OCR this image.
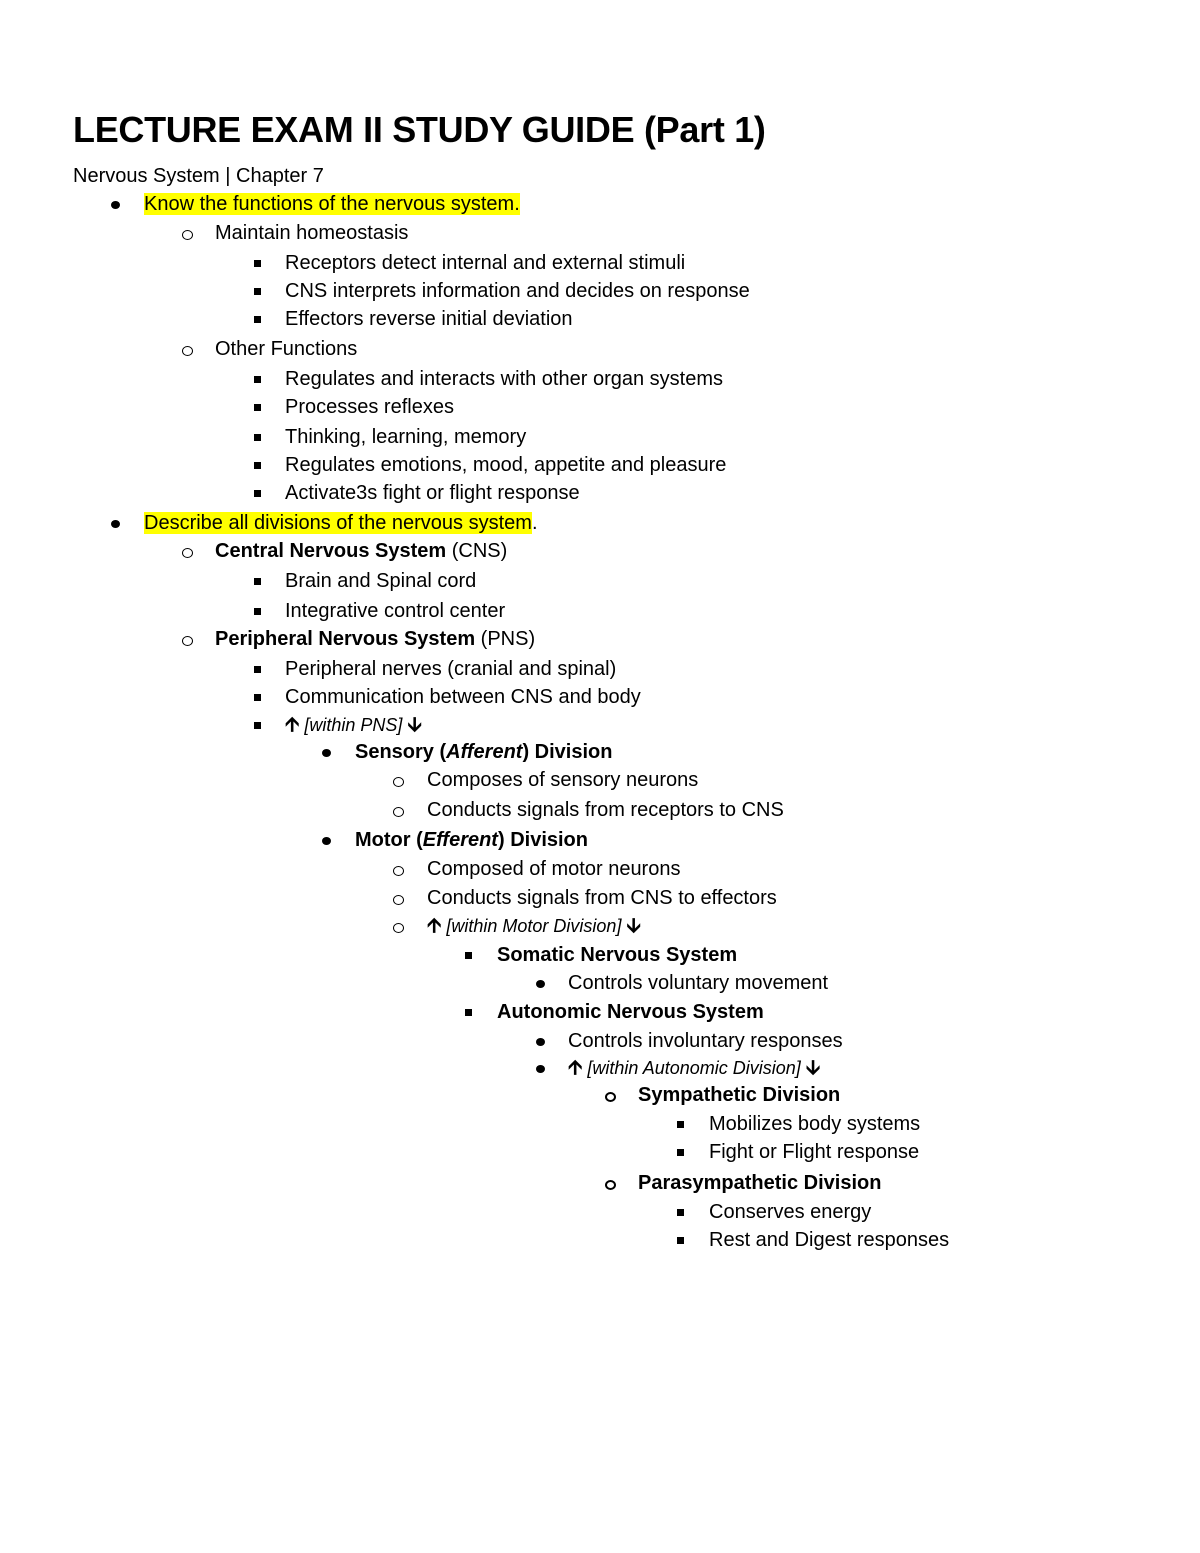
LECTURE EXAM II STUDY GUIDE (Part 1)
Nervous System | Chapter 7
Know the functions of the nervous system.
Maintain homeostasis
Receptors detect internal and external stimuli
CNS interprets information and decides on response
Effectors reverse initial deviation
Other Functions
Regulates and interacts with other organ systems
Processes reflexes
Thinking, learning, memory
Regulates emotions, mood, appetite and pleasure
Activate3s fight or flight response
Describe all divisions of the nervous system.
Central Nervous System (CNS)
Brain and Spinal cord
Integrative control center
Peripheral Nervous System (PNS)
Peripheral nerves (cranial and spinal)
Communication between CNS and body
🡩 [within PNS] 🡫
Sensory (Afferent) Division
Composes of sensory neurons
Conducts signals from receptors to CNS
Motor (Efferent) Division
Composed of motor neurons
Conducts signals from CNS to effectors
🡩 [within Motor Division] 🡫
Somatic Nervous System
Controls voluntary movement
Autonomic Nervous System
Controls involuntary responses
🡩 [within Autonomic Division] 🡫
Sympathetic Division
Mobilizes body systems
Fight or Flight response
Parasympathetic Division
Conserves energy
Rest and Digest responses
